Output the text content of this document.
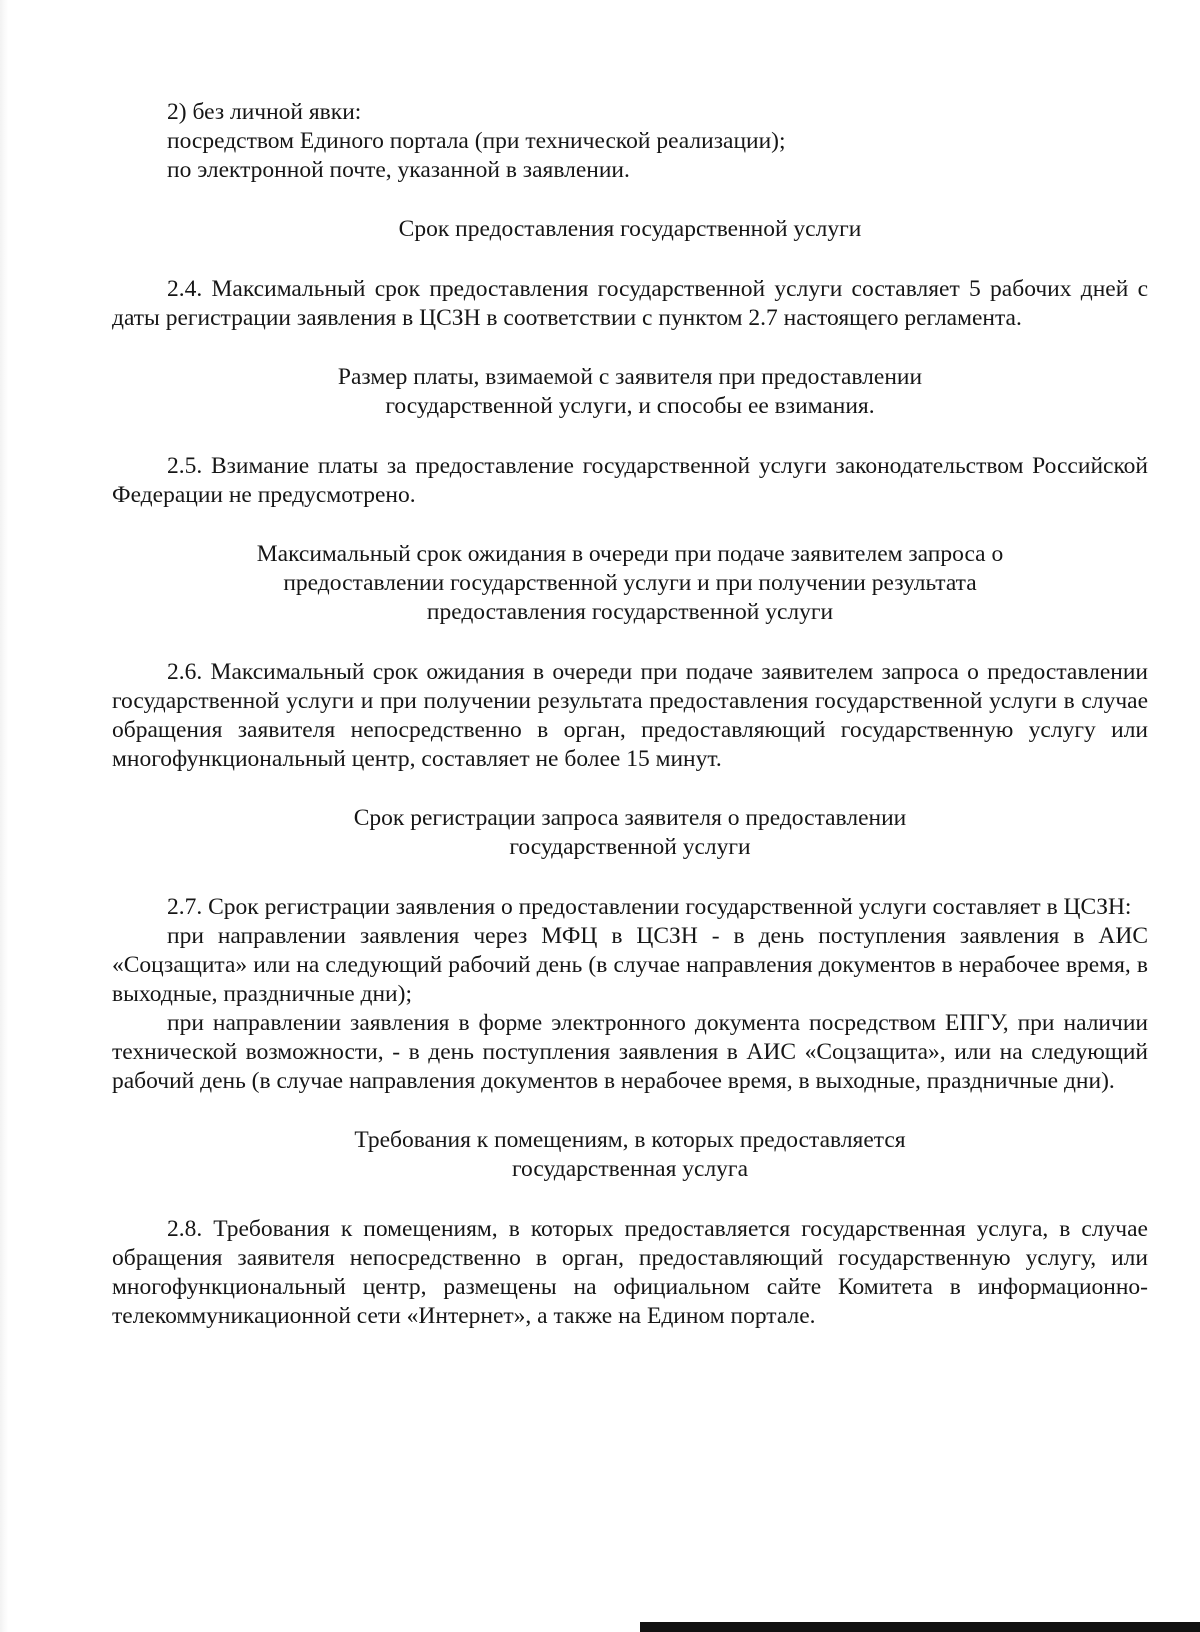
2) без личной явки:

посредством Единого портала (при технической реализации);

по электронной почте, указанной в заявлении.

Срок предоставления государственной услуги

2.4. Максимальный срок предоставления государственной услуги составляет 5 рабочих дней с даты регистрации заявления в ЦСЗН в соответствии с пунктом 2.7 настоящего регламента.

Размер платы, взимаемой с заявителя при предоставлении
государственной услуги, и способы ее взимания.

2.5. Взимание платы за предоставление государственной услуги законодательством Российской Федерации не предусмотрено.

Максимальный срок ожидания в очереди при подаче заявителем запроса о
предоставлении государственной услуги и при получении результата
предоставления государственной услуги

2.6. Максимальный срок ожидания в очереди при подаче заявителем запроса о предоставлении государственной услуги и при получении результата предоставления государственной услуги в случае обращения заявителя непосредственно в орган, предоставляющий государственную услугу или многофункциональный центр, составляет не более 15 минут.

Срок регистрации запроса заявителя о предоставлении
государственной услуги

2.7. Срок регистрации заявления о предоставлении государственной услуги составляет в ЦСЗН:

при направлении заявления через МФЦ в ЦСЗН - в день поступления заявления в АИС «Соцзащита» или на следующий рабочий день (в случае направления документов в нерабочее время, в выходные, праздничные дни);

при направлении заявления в форме электронного документа посредством ЕПГУ, при наличии технической возможности, - в день поступления заявления в АИС «Соцзащита», или на следующий рабочий день (в случае направления документов в нерабочее время, в выходные, праздничные дни).

Требования к помещениям, в которых предоставляется
государственная услуга

2.8. Требования к помещениям, в которых предоставляется государственная услуга, в случае обращения заявителя непосредственно в орган, предоставляющий государственную услугу, или многофункциональный центр, размещены на официальном сайте Комитета в информационно-телекоммуникационной сети «Интернет», а также на Едином портале.
